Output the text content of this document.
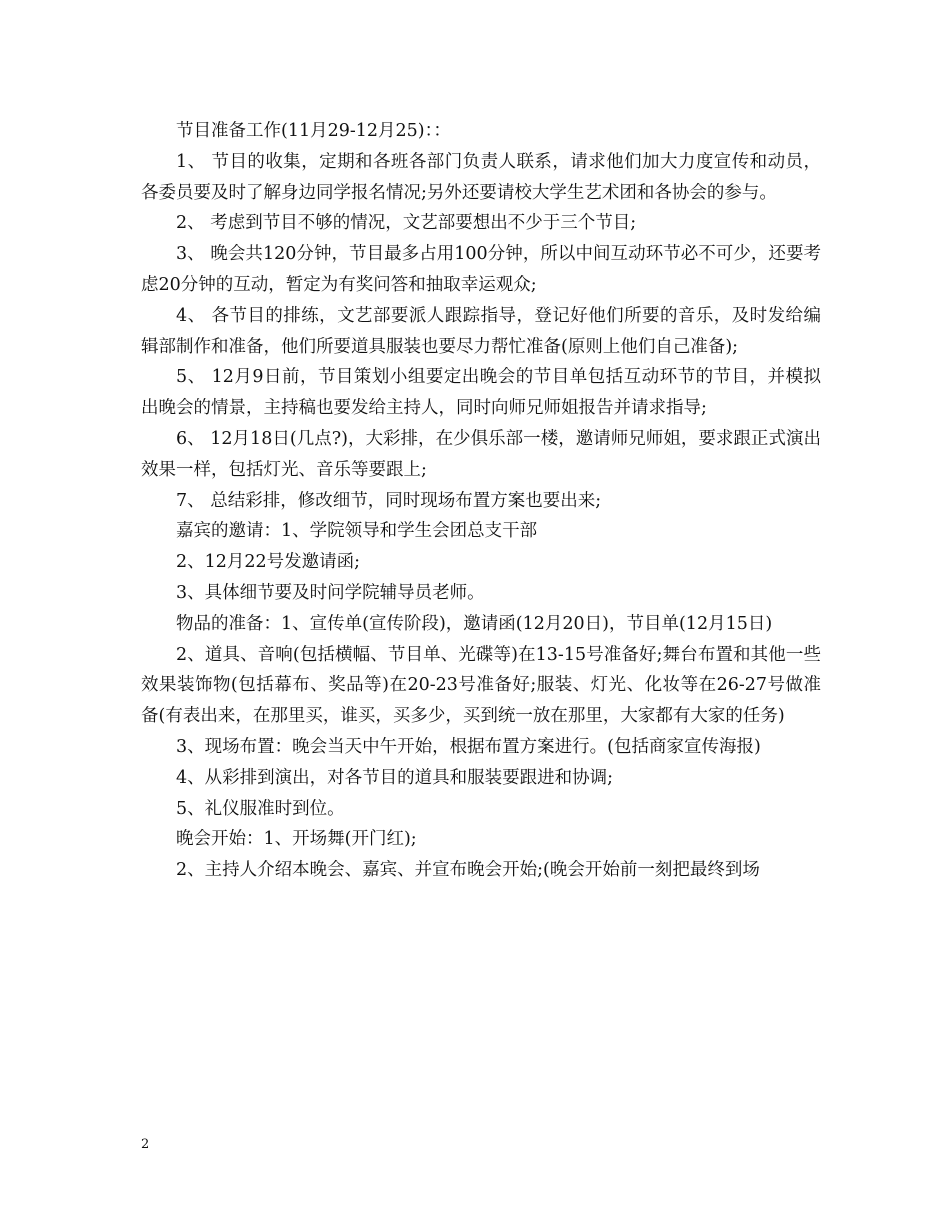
节目准备工作(11月29-12月25)：：

1、 节目的收集，定期和各班各部门负责人联系，请求他们加大力度宣传和动员，各委员要及时了解身边同学报名情况;另外还要请校大学生艺术团和各协会的参与。

2、 考虑到节目不够的情况，文艺部要想出不少于三个节目;

3、 晚会共120分钟，节目最多占用100分钟，所以中间互动环节必不可少，还要考虑20分钟的互动，暂定为有奖问答和抽取幸运观众;

4、 各节目的排练，文艺部要派人跟踪指导，登记好他们所要的音乐，及时发给编辑部制作和准备，他们所要道具服装也要尽力帮忙准备(原则上他们自己准备);

5、 12月9日前，节目策划小组要定出晚会的节目单包括互动环节的节目，并模拟出晚会的情景，主持稿也要发给主持人，同时向师兄师姐报告并请求指导;

6、 12月18日(几点?)，大彩排，在少俱乐部一楼，邀请师兄师姐，要求跟正式演出效果一样，包括灯光、音乐等要跟上;

7、 总结彩排，修改细节，同时现场布置方案也要出来;

嘉宾的邀请：1、学院领导和学生会团总支干部

2、12月22号发邀请函;

3、具体细节要及时问学院辅导员老师。

物品的准备：1、宣传单(宣传阶段)，邀请函(12月20日)，节目单(12月15日)

2、道具、音响(包括横幅、节目单、光碟等)在13-15号准备好;舞台布置和其他一些效果装饰物(包括幕布、奖品等)在20-23号准备好;服装、灯光、化妆等在26-27号做准备(有表出来，在那里买，谁买，买多少，买到统一放在那里，大家都有大家的任务)

3、现场布置：晚会当天中午开始，根据布置方案进行。(包括商家宣传海报)

4、从彩排到演出，对各节目的道具和服装要跟进和协调;

5、礼仪服准时到位。

晚会开始：1、开场舞(开门红);

2、主持人介绍本晚会、嘉宾、并宣布晚会开始;(晚会开始前一刻把最终到场

2
